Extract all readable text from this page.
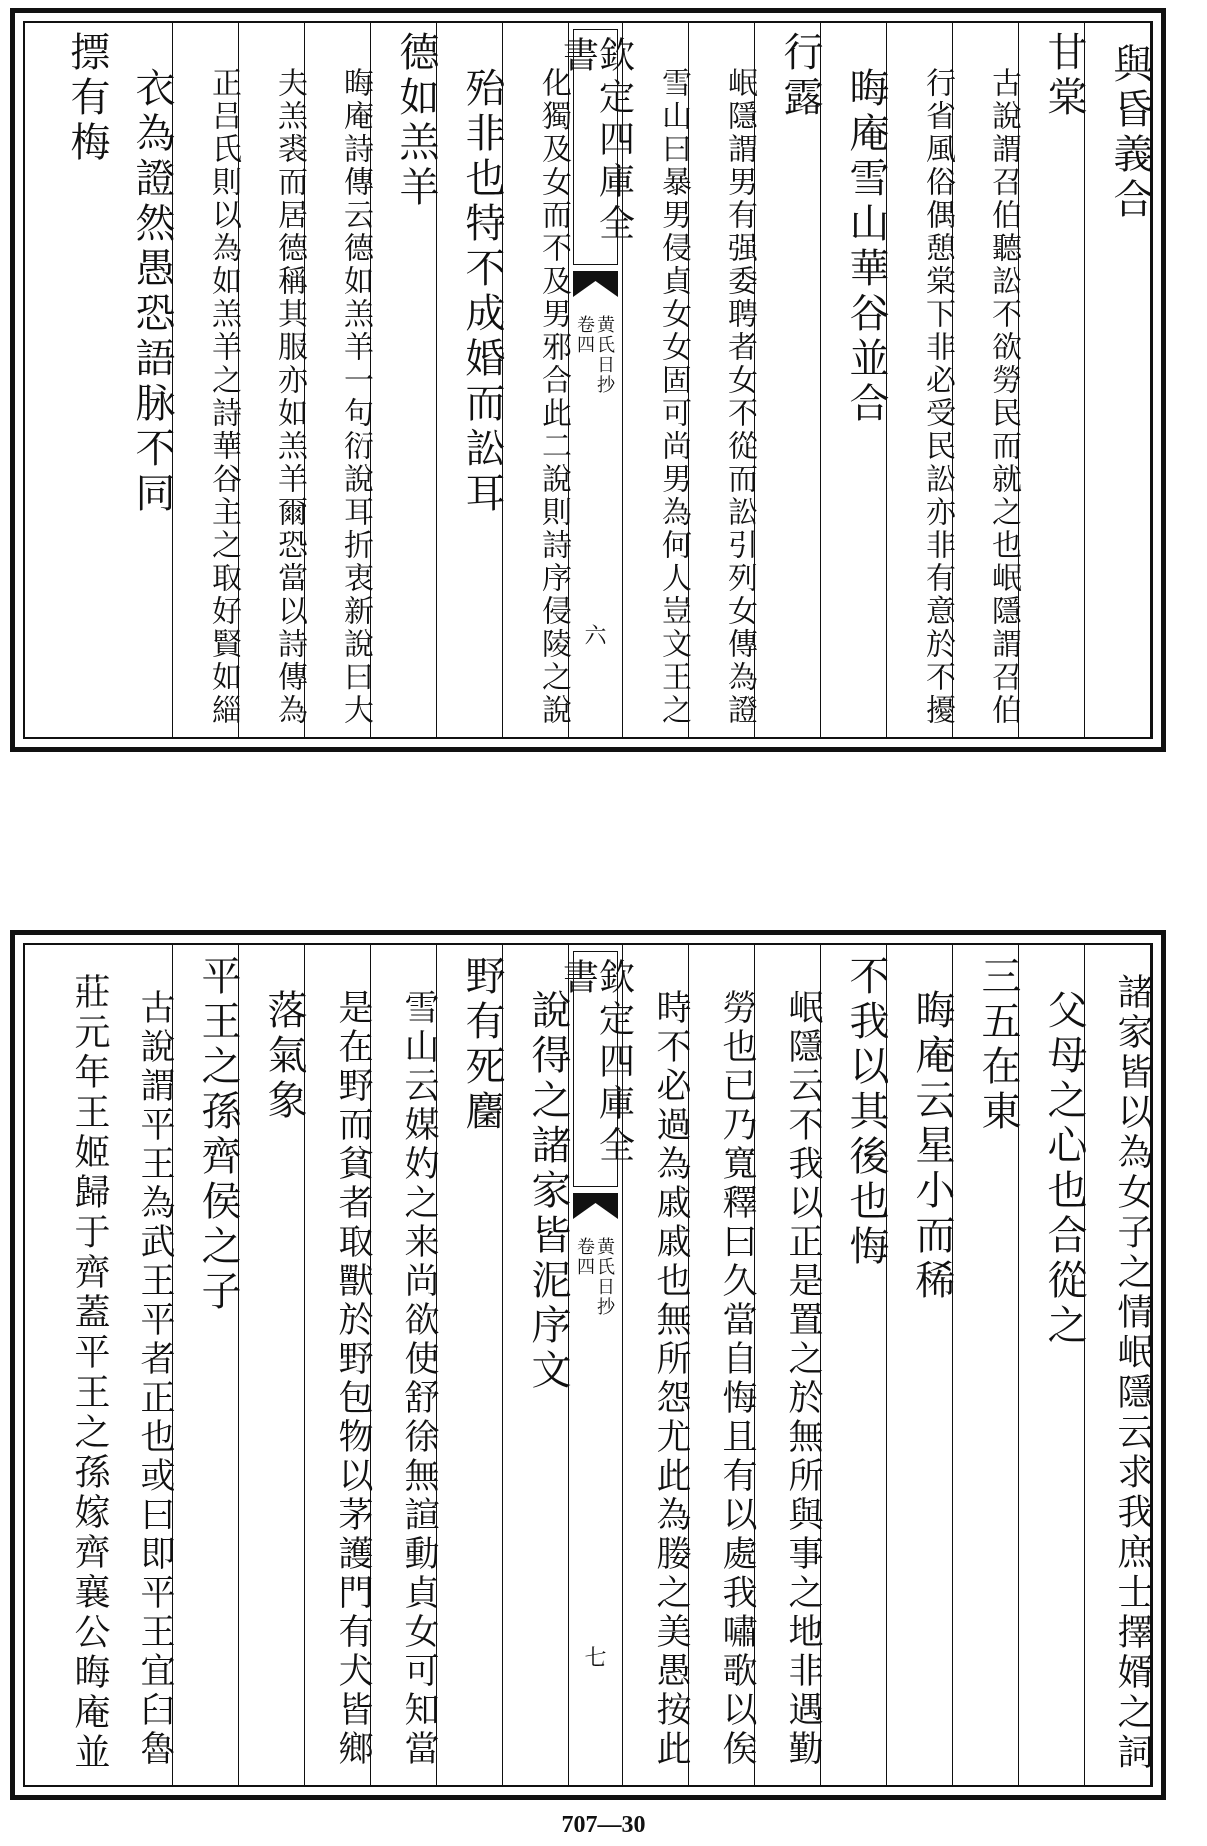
與昏義合
甘棠
古說謂召伯聽訟不欲勞民而就之也岷隱謂召伯
行省風俗偶憩棠下非必受民訟亦非有意於不擾
晦庵雪山華谷並合
行露
岷隱謂男有强委聘者女不從而訟引列女傳為證
雪山曰暴男侵貞女女固可尚男為何人豈文王之
欽定四庫全書
黄氏日抄
卷四
六
化獨及女而不及男邪合此二說則詩序侵陵之說
殆非也特不成婚而訟耳
德如羔羊
晦庵詩傳云德如羔羊一句衍說耳折衷新說曰大
夫羔裘而居德稱其服亦如羔羊爾恐當以詩傳為
正吕氏則以為如羔羊之詩華谷主之取好賢如緇
衣為證然愚恐語脉不同
摽有梅
諸家皆以為女子之情岷隱云求我庶士擇婿之詞
父母之心也合從之
三五在東
晦庵云星小而稀
不我以其後也悔
岷隱云不我以正是置之於無所與事之地非遇勤
勞也已乃寬釋曰久當自悔且有以處我嘯歌以俟
時不必過為戚戚也無所怨尤此為媵之美愚按此
欽定四庫全書
黄氏日抄
卷四
七
說得之諸家皆泥序文
野有死麕
雪山云媒妁之来尚欲使舒徐無諠動貞女可知當
是在野而貧者取獸於野包物以茅護門有犬皆鄉
落氣象
平王之孫齊侯之子
古說謂平王為武王平者正也或曰即平王宜臼魯
莊元年王姬歸于齊蓋平王之孫嫁齊襄公晦庵並
707—30
